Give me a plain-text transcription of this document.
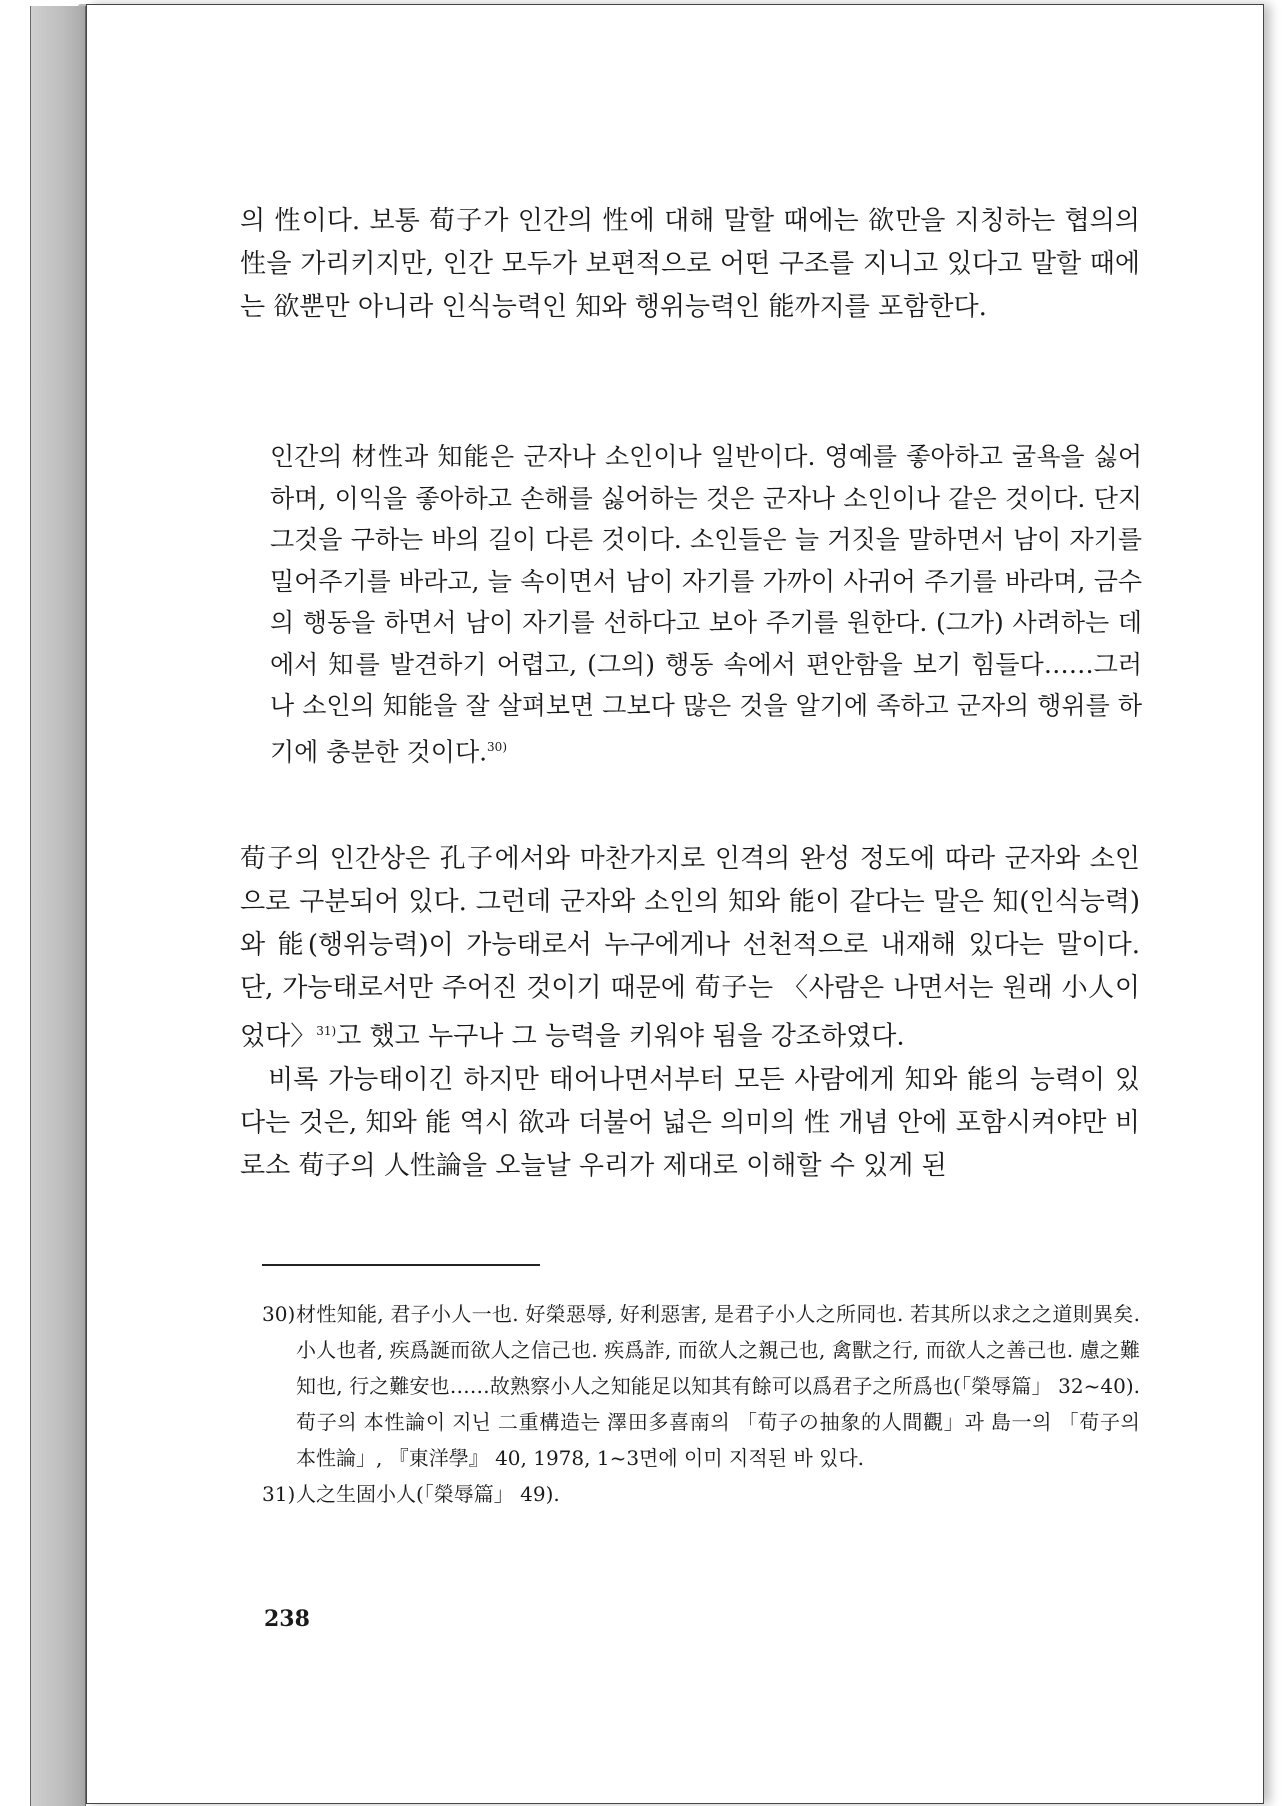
의 性이다. 보통 荀子가 인간의 性에 대해 말할 때에는 欲만을 지칭하는 협의의 性을 가리키지만, 인간 모두가 보편적으로 어떤 구조를 지니고 있다고 말할 때에는 欲뿐만 아니라 인식능력인 知와 행위능력인 能까지를 포함한다.

인간의 材性과 知能은 군자나 소인이나 일반이다. 영예를 좋아하고 굴욕을 싫어하며, 이익을 좋아하고 손해를 싫어하는 것은 군자나 소인이나 같은 것이다. 단지 그것을 구하는 바의 길이 다른 것이다. 소인들은 늘 거짓을 말하면서 남이 자기를 밀어주기를 바라고, 늘 속이면서 남이 자기를 가까이 사귀어 주기를 바라며, 금수의 행동을 하면서 남이 자기를 선하다고 보아 주기를 원한다. (그가) 사려하는 데에서 知를 발견하기 어렵고, (그의) 행동 속에서 편안함을 보기 힘들다……그러나 소인의 知能을 잘 살펴보면 그보다 많은 것을 알기에 족하고 군자의 행위를 하기에 충분한 것이다.$^{30)}$

荀子의 인간상은 孔子에서와 마찬가지로 인격의 완성 정도에 따라 군자와 소인으로 구분되어 있다. 그런데 군자와 소인의 知와 能이 같다는 말은 知(인식능력)와 能(행위능력)이 가능태로서 누구에게나 선천적으로 내재해 있다는 말이다. 단, 가능태로서만 주어진 것이기 때문에 荀子는 〈사람은 나면서는 원래 小人이었다〉$^{31)}$고 했고 누구나 그 능력을 키워야 됨을 강조하였다.

비록 가능태이긴 하지만 태어나면서부터 모든 사람에게 知와 能의 능력이 있다는 것은, 知와 能 역시 欲과 더불어 넓은 의미의 性 개념 안에 포함시켜야만 비로소 荀子의 人性論을 오늘날 우리가 제대로 이해할 수 있게 된

30) 材性知能, 君子小人一也. 好榮惡辱, 好利惡害, 是君子小人之所同也. 若其所以求之之道則異矣. 小人也者, 疾爲誕而欲人之信己也. 疾爲詐, 而欲人之親己也, 禽獸之行, 而欲人之善己也. 慮之難知也, 行之難安也……故熟察小人之知能足以知其有餘可以爲君子之所爲也(「榮辱篇」 32~40). 荀子의 本性論이 지닌 二重構造는 澤田多喜南의 「荀子の抽象的人間觀」과 島一의 「荀子의 本性論」, 『東洋學』 40, 1978, 1~3면에 이미 지적된 바 있다.
31) 人之生固小人(「榮辱篇」 49).
238
